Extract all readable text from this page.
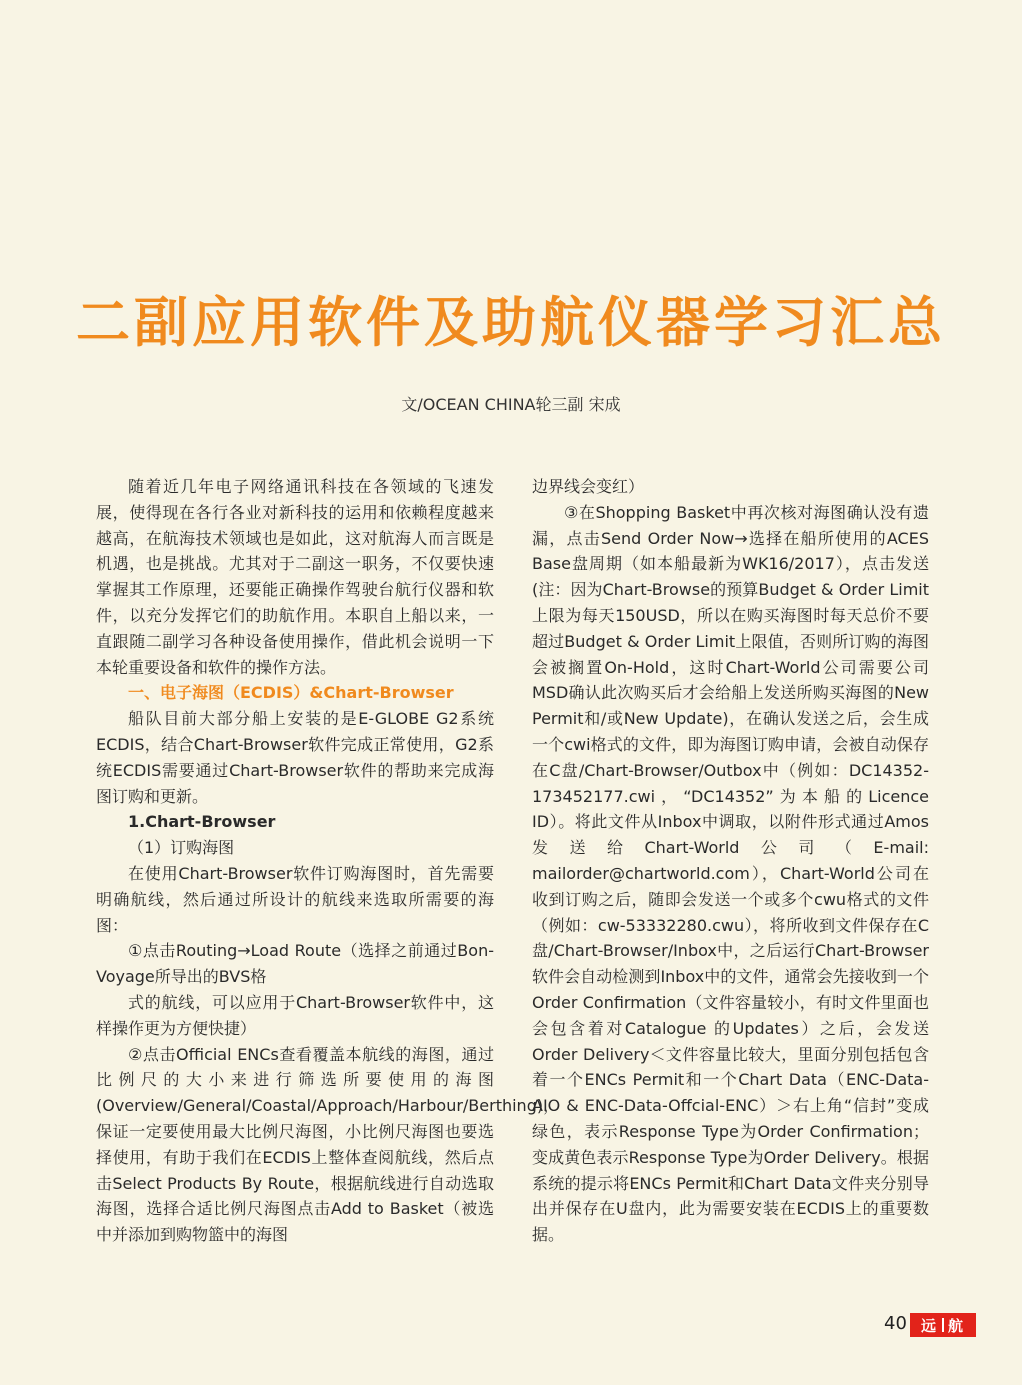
二副应用软件及助航仪器学习汇总
文/OCEAN CHINA轮三副 宋成

随着近几年电子网络通讯科技在各领域的飞速发展，使得现在各行各业对新科技的运用和依赖程度越来越高，在航海技术领域也是如此，这对航海人而言既是机遇，也是挑战。尤其对于二副这一职务，不仅要快速掌握其工作原理，还要能正确操作驾驶台航行仪器和软件，以充分发挥它们的助航作用。本职自上船以来，一直跟随二副学习各种设备使用操作，借此机会说明一下本轮重要设备和软件的操作方法。

一、电子海图（ECDIS）&Chart-Browser

船队目前大部分船上安装的是E-GLOBE G2系统ECDIS，结合Chart-Browser软件完成正常使用，G2系统ECDIS需要通过Chart-Browser软件的帮助来完成海图订购和更新。

1.Chart-Browser

（1）订购海图

在使用Chart-Browser软件订购海图时，首先需要明确航线，然后通过所设计的航线来选取所需要的海图：

①点击Routing→Load Route（选择之前通过Bon-Voyage所导出的BVS格

式的航线，可以应用于Chart-Browser软件中，这样操作更为方便快捷）

②点击Official ENCs查看覆盖本航线的海图，通过比例尺的大小来进行筛选所要使用的海图(Overview/General/Coastal/Approach/Harbour/Berthing)，保证一定要使用最大比例尺海图，小比例尺海图也要选择使用，有助于我们在ECDIS上整体查阅航线，然后点击Select Products By Route，根据航线进行自动选取海图，选择合适比例尺海图点击Add to Basket（被选中并添加到购物篮中的海图

边界线会变红）

③在Shopping Basket中再次核对海图确认没有遗漏，点击Send Order Now→选择在船所使用的ACES Base盘周期（如本船最新为WK16/2017），点击发送(注：因为Chart-Browse的预算Budget & Order Limit上限为每天150USD，所以在购买海图时每天总价不要超过Budget & Order Limit上限值，否则所订购的海图会被搁置On-Hold，这时Chart-World公司需要公司MSD确认此次购买后才会给船上发送所购买海图的New Permit和/或New Update)，在确认发送之后，会生成一个cwi格式的文件，即为海图订购申请，会被自动保存在C盘/Chart-Browser/Outbox中（例如：DC14352- 173452177.cwi，“DC14352”为本船的Licence ID）。将此文件从Inbox中调取，以附件形式通过Amos发送给Chart-World公司（E-mail: mailorder@chartworld.com），Chart-World公司在收到订购之后，随即会发送一个或多个cwu格式的文件（例如：cw-53332280.cwu），将所收到文件保存在C盘/Chart-Browser/Inbox中，之后运行Chart-Browser软件会自动检测到Inbox中的文件，通常会先接收到一个Order Confirmation（文件容量较小，有时文件里面也会包含着对Catalogue 的Updates）之后，会发送Order Delivery＜文件容量比较大，里面分别包括包含着一个ENCs Permit和一个Chart Data（ENC-Data-AIO & ENC-Data-Offcial-ENC）＞右上角“信封”变成绿色，表示Response Type为Order Confirmation；变成黄色表示Response Type为Order Delivery。根据系统的提示将ENCs Permit和Chart Data文件夹分别导出并保存在U盘内，此为需要安装在ECDIS上的重要数据。

40 远 航
